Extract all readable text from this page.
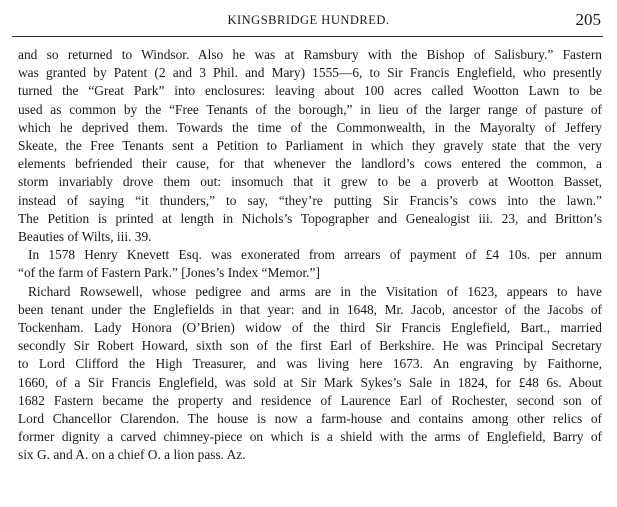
KINGSBRIDGE HUNDRED.	205
and so returned to Windsor. Also he was at Ramsbury with the Bishop of Salisbury.” Fastern
was granted by Patent (2 and 3 Phil. and Mary) 1555—6, to Sir Francis Englefield, who presently
turned the “Great Park” into enclosures: leaving about 100 acres called Wootton Lawn to be
used as common by the “Free Tenants of the borough,” in lieu of the larger range of pasture of
which he deprived them. Towards the time of the Commonwealth, in the Mayoralty of Jeffery
Skeate, the Free Tenants sent a Petition to Parliament in which they gravely state that the very
elements befriended their cause, for that whenever the landlord’s cows entered the common, a
storm invariably drove them out: insomuch that it grew to be a proverb at Wootton Basset,
instead of saying “it thunders,” to say, “they’re putting Sir Francis’s cows into the lawn.”
The Petition is printed at length in Nichols’s Topographer and Genealogist iii. 23, and Britton’s
Beauties of Wilts, iii. 39.
In 1578 Henry Knevett Esq. was exonerated from arrears of payment of £4 10s. per annum
“of the farm of Fastern Park.” [Jones’s Index “Memor.”]
Richard Rowsewell, whose pedigree and arms are in the Visitation of 1623, appears to have
been tenant under the Englefields in that year: and in 1648, Mr. Jacob, ancestor of the Jacobs of
Tockenham. Lady Honora (O’Brien) widow of the third Sir Francis Englefield, Bart., married
secondly Sir Robert Howard, sixth son of the first Earl of Berkshire. He was Principal Secretary
to Lord Clifford the High Treasurer, and was living here 1673. An engraving by Faithorne,
1660, of a Sir Francis Englefield, was sold at Sir Mark Sykes’s Sale in 1824, for £48 6s. About
1682 Fastern became the property and residence of Laurence Earl of Rochester, second son of
Lord Chancellor Clarendon. The house is now a farm-house and contains among other relics of
former dignity a carved chimney-piece on which is a shield with the arms of Englefield, Barry of
six G. and A. on a chief O. a lion pass. Az.
